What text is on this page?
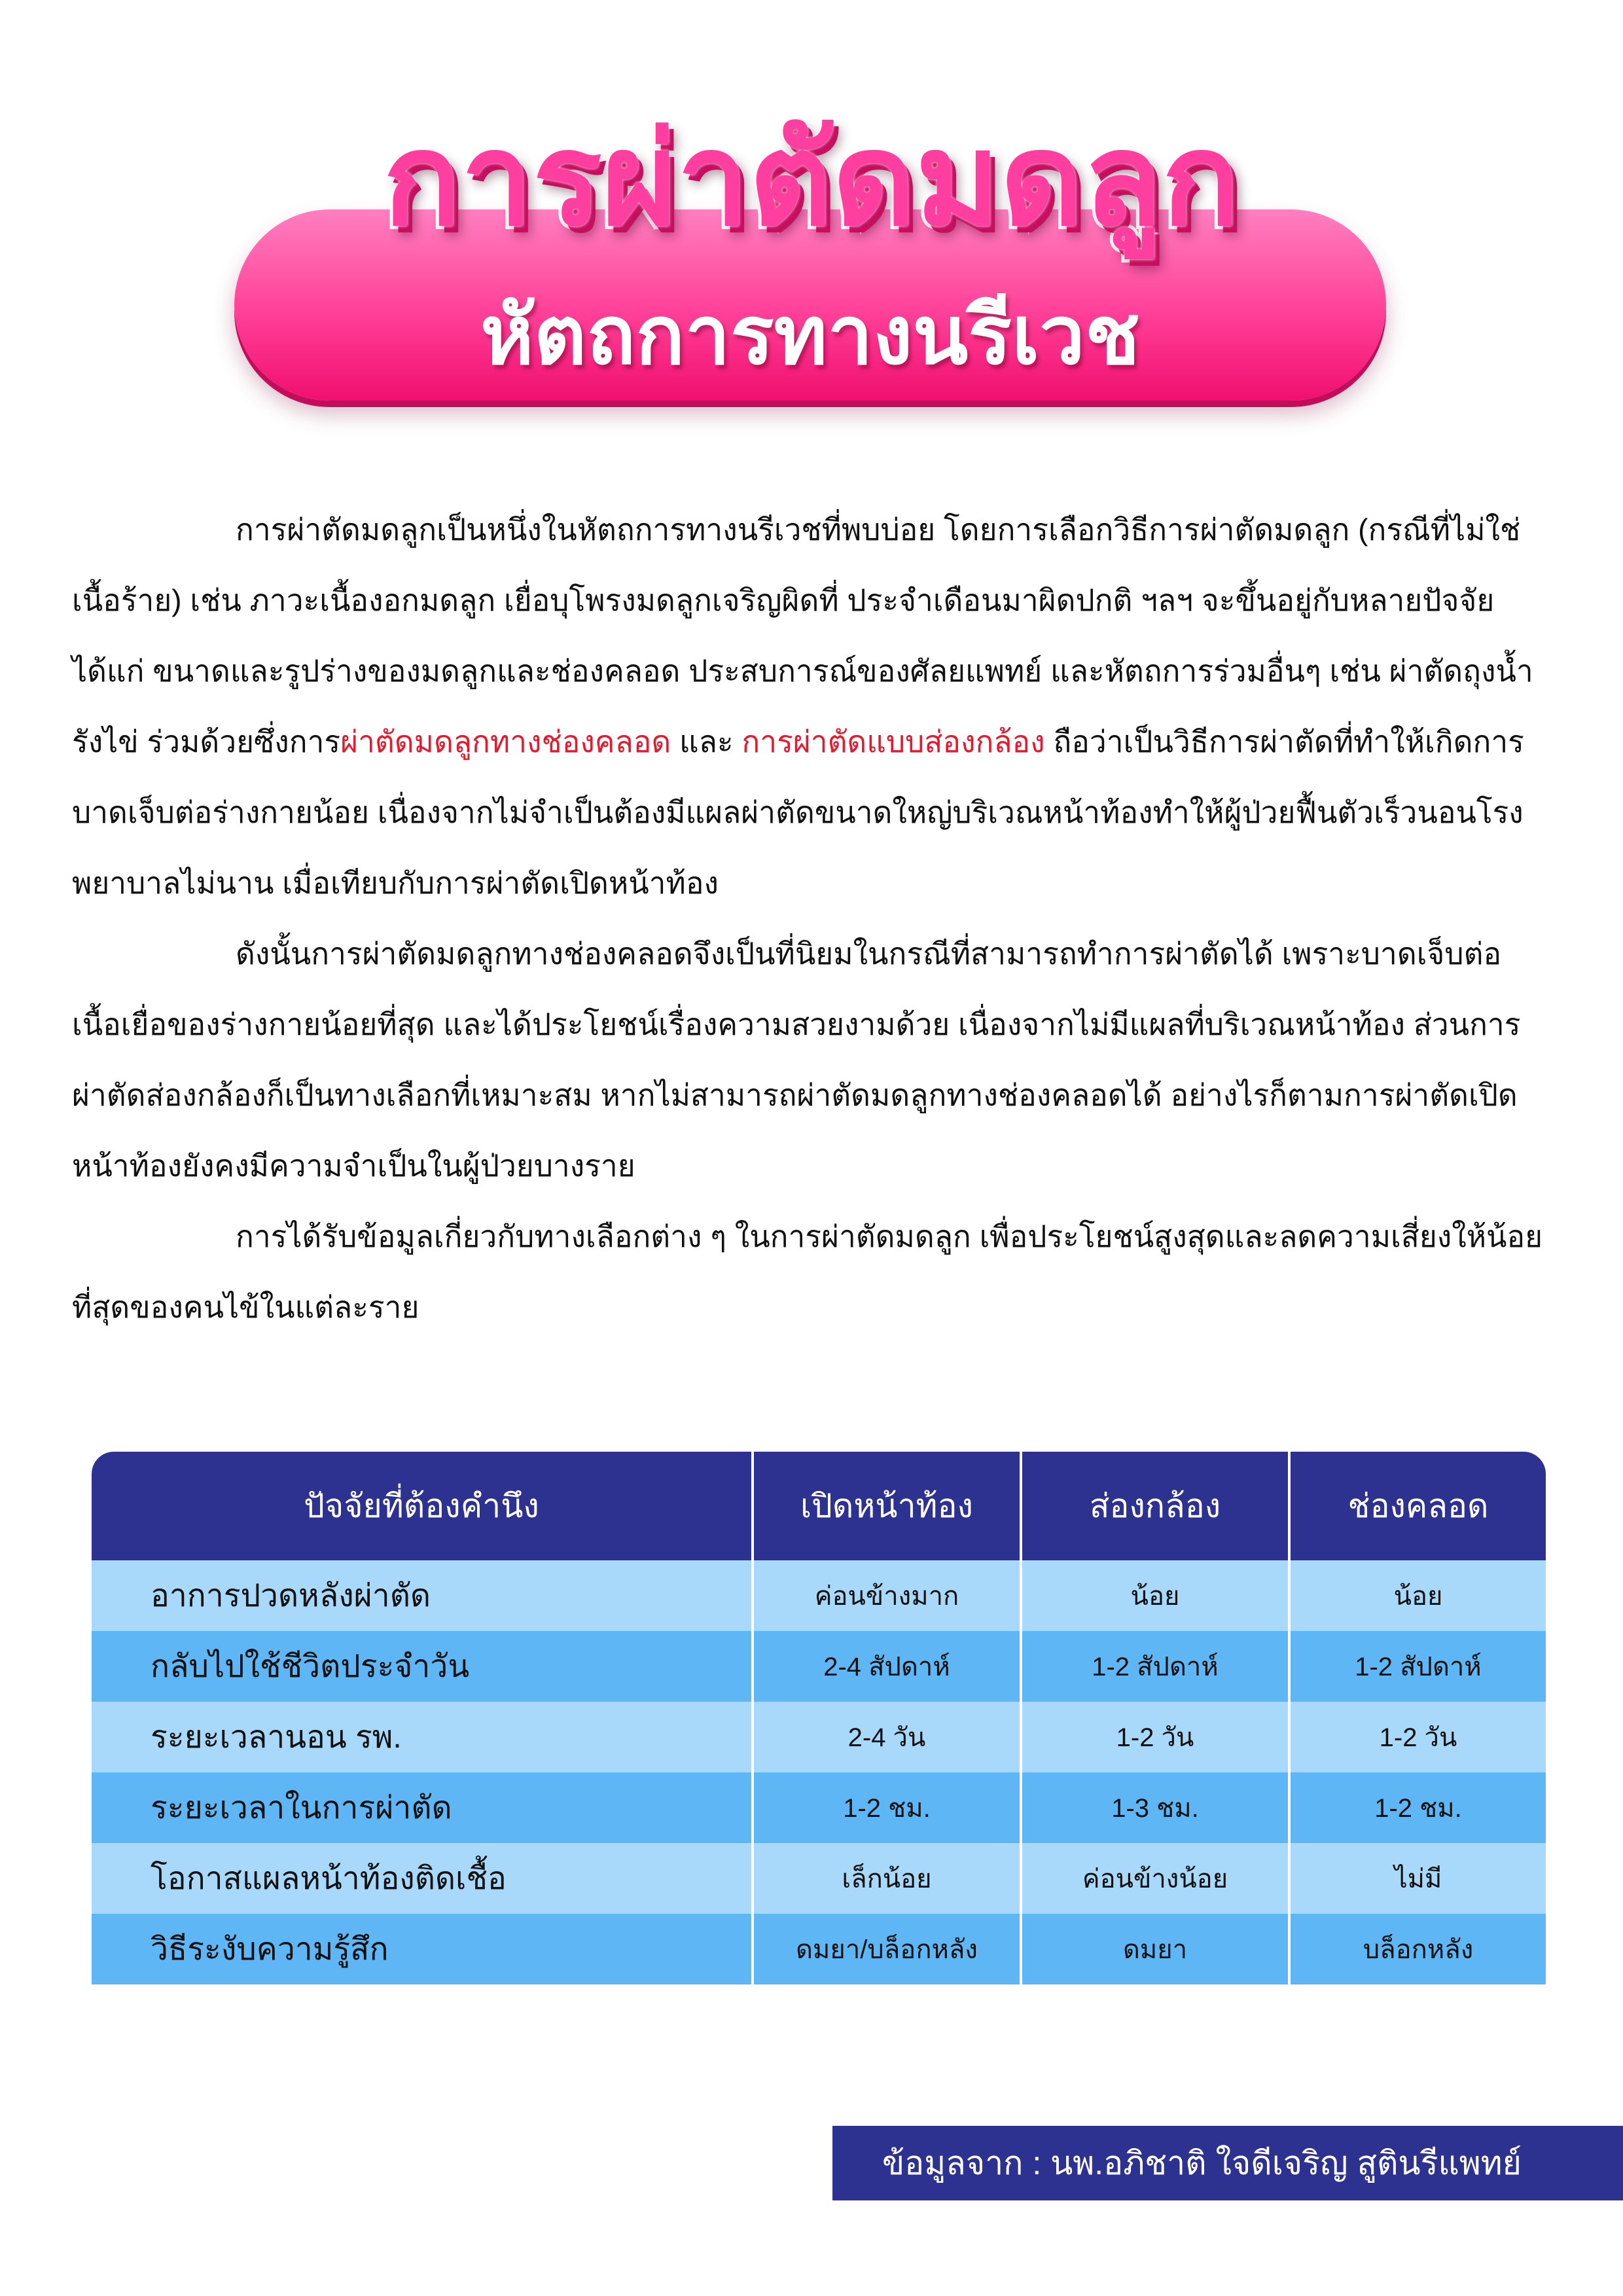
การผ่าตัดมดลูก
หัตถการทางนรีเวช

การผ่าตัดมดลูกเป็นหนึ่งในหัตถการทางนรีเวชที่พบบ่อย โดยการเลือกวิธีการผ่าตัดมดลูก (กรณีที่ไม่ใช่เนื้อร้าย) เช่น ภาวะเนื้องอกมดลูก เยื่อบุโพรงมดลูกเจริญผิดที่ ประจำเดือนมาผิดปกติ ฯลฯ จะขึ้นอยู่กับหลายปัจจัย ได้แก่ ขนาดและรูปร่างของมดลูกและช่องคลอด ประสบการณ์ของศัลยแพทย์ และหัตถการร่วมอื่นๆ เช่น ผ่าตัดถุงน้ำรังไข่ ร่วมด้วยซึ่งการผ่าตัดมดลูกทางช่องคลอด และ การผ่าตัดแบบส่องกล้อง ถือว่าเป็นวิธีการผ่าตัดที่ทำให้เกิดการบาดเจ็บต่อร่างกายน้อย เนื่องจากไม่จำเป็นต้องมีแผลผ่าตัดขนาดใหญ่บริเวณหน้าท้องทำให้ผู้ป่วยฟื้นตัวเร็วนอนโรงพยาบาลไม่นาน เมื่อเทียบกับการผ่าตัดเปิดหน้าท้อง

ดังนั้นการผ่าตัดมดลูกทางช่องคลอดจึงเป็นที่นิยมในกรณีที่สามารถทำการผ่าตัดได้ เพราะบาดเจ็บต่อเนื้อเยื่อของร่างกายน้อยที่สุด และได้ประโยชน์เรื่องความสวยงามด้วย เนื่องจากไม่มีแผลที่บริเวณหน้าท้อง ส่วนการผ่าตัดส่องกล้องก็เป็นทางเลือกที่เหมาะสม หากไม่สามารถผ่าตัดมดลูกทางช่องคลอดได้ อย่างไรก็ตามการผ่าตัดเปิดหน้าท้องยังคงมีความจำเป็นในผู้ป่วยบางราย

การได้รับข้อมูลเกี่ยวกับทางเลือกต่าง ๆ ในการผ่าตัดมดลูก เพื่อประโยชน์สูงสุดและลดความเสี่ยงให้น้อยที่สุดของคนไข้ในแต่ละราย

ปัจจัยที่ต้องคำนึง	เปิดหน้าท้อง	ส่องกล้อง	ช่องคลอด
อาการปวดหลังผ่าตัด	ค่อนข้างมาก	น้อย	น้อย
กลับไปใช้ชีวิตประจำวัน	2-4 สัปดาห์	1-2 สัปดาห์	1-2 สัปดาห์
ระยะเวลานอน รพ.	2-4 วัน	1-2 วัน	1-2 วัน
ระยะเวลาในการผ่าตัด	1-2 ชม.	1-3 ชม.	1-2 ชม.
โอกาสแผลหน้าท้องติดเชื้อ	เล็กน้อย	ค่อนข้างน้อย	ไม่มี
วิธีระงับความรู้สึก	ดมยา/บล็อกหลัง	ดมยา	บล็อกหลัง
ข้อมูลจาก : นพ.อภิชาติ ใจดีเจริญ สูตินรีแพทย์
